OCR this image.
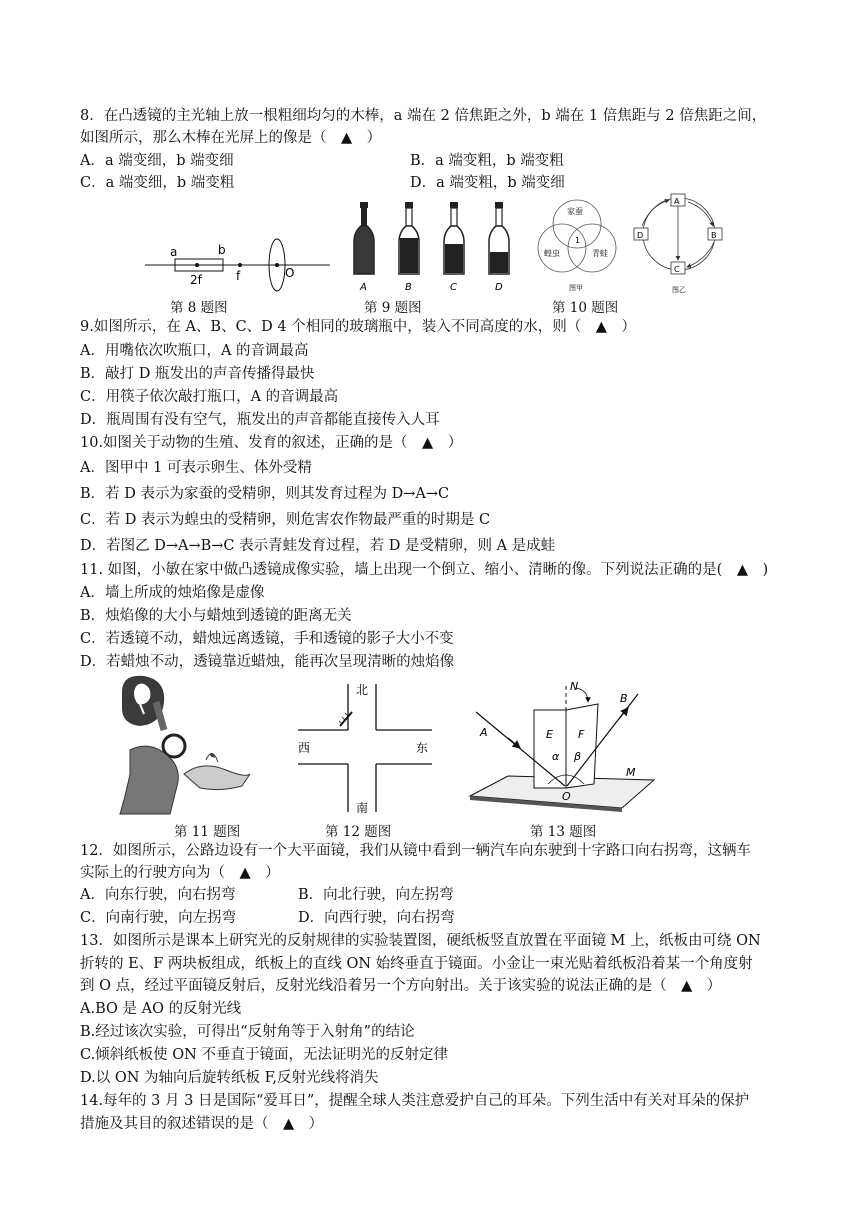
8．在凸透镜的主光轴上放一根粗细均匀的木棒，a 端在 2 倍焦距之外，b 端在 1 倍焦距与 2 倍焦距之间，
如图所示，那么木棒在光屏上的像是（　▲　）
A．a 端变细，b 端变细	B．a 端变粗，b 端变粗
C．a 端变细，b 端变粗	D．a 端变粗，b 端变细
a	b
2f	f	O
A	B	C	D
家蚕
蝗虫	青蛙
1
图甲
A
D	B
C
图乙
第 8 题图	第 9 题图	第 10 题图
9.如图所示，在 A、B、C、D 4 个相同的玻璃瓶中，装入不同高度的水，则（　▲　）
A．用嘴依次吹瓶口，A 的音调最高
B．敲打 D 瓶发出的声音传播得最快
C．用筷子依次敲打瓶口，A 的音调最高
D．瓶周围有没有空气，瓶发出的声音都能直接传入人耳
10.如图关于动物的生殖、发育的叙述，正确的是（　▲　）
A．图甲中 1 可表示卵生、体外受精
B．若 D 表示为家蚕的受精卵，则其发育过程为 D→A→C
C．若 D 表示为蝗虫的受精卵，则危害农作物最严重的时期是 C
D．若图乙 D→A→B→C 表示青蛙发育过程，若 D 是受精卵，则 A 是成蛙
11. 如图，小敏在家中做凸透镜成像实验，墙上出现一个倒立、缩小、清晰的像。下列说法正确的是(　▲　)
A．墙上所成的烛焰像是虚像
B．烛焰像的大小与蜡烛到透镜的距离无关
C．若透镜不动，蜡烛远离透镜，手和透镜的影子大小不变
D．若蜡烛不动，透镜靠近蜡烛，能再次呈现清晰的烛焰像
北
西	东
南
N
A
B
E F
α β
O
M
第 11 题图	第 12 题图	第 13 题图
12．如图所示，公路边设有一个大平面镜，我们从镜中看到一辆汽车向东驶到十字路口向右拐弯，这辆车
实际上的行驶方向为（　▲　）
A．向东行驶，向右拐弯	B．向北行驶，向左拐弯
C．向南行驶，向左拐弯	D．向西行驶，向右拐弯
13．如图所示是课本上研究光的反射规律的实验装置图，硬纸板竖直放置在平面镜 M 上，纸板由可绕 ON
折转的 E、F 两块板组成，纸板上的直线 ON 始终垂直于镜面。小金让一束光贴着纸板沿着某一个角度射
到 O 点，经过平面镜反射后，反射光线沿着另一个方向射出。关于该实验的说法正确的是（　▲　）
A.BO 是 AO 的反射光线
B.经过该次实验，可得出“反射角等于入射角”的结论
C.倾斜纸板使 ON 不垂直于镜面，无法证明光的反射定律
D.以 ON 为轴向后旋转纸板 F,反射光线将消失
14.每年的 3 月 3 日是国际“爱耳日”，提醒全球人类注意爱护自己的耳朵。下列生活中有关对耳朵的保护
措施及其目的叙述错误的是（　▲　）
